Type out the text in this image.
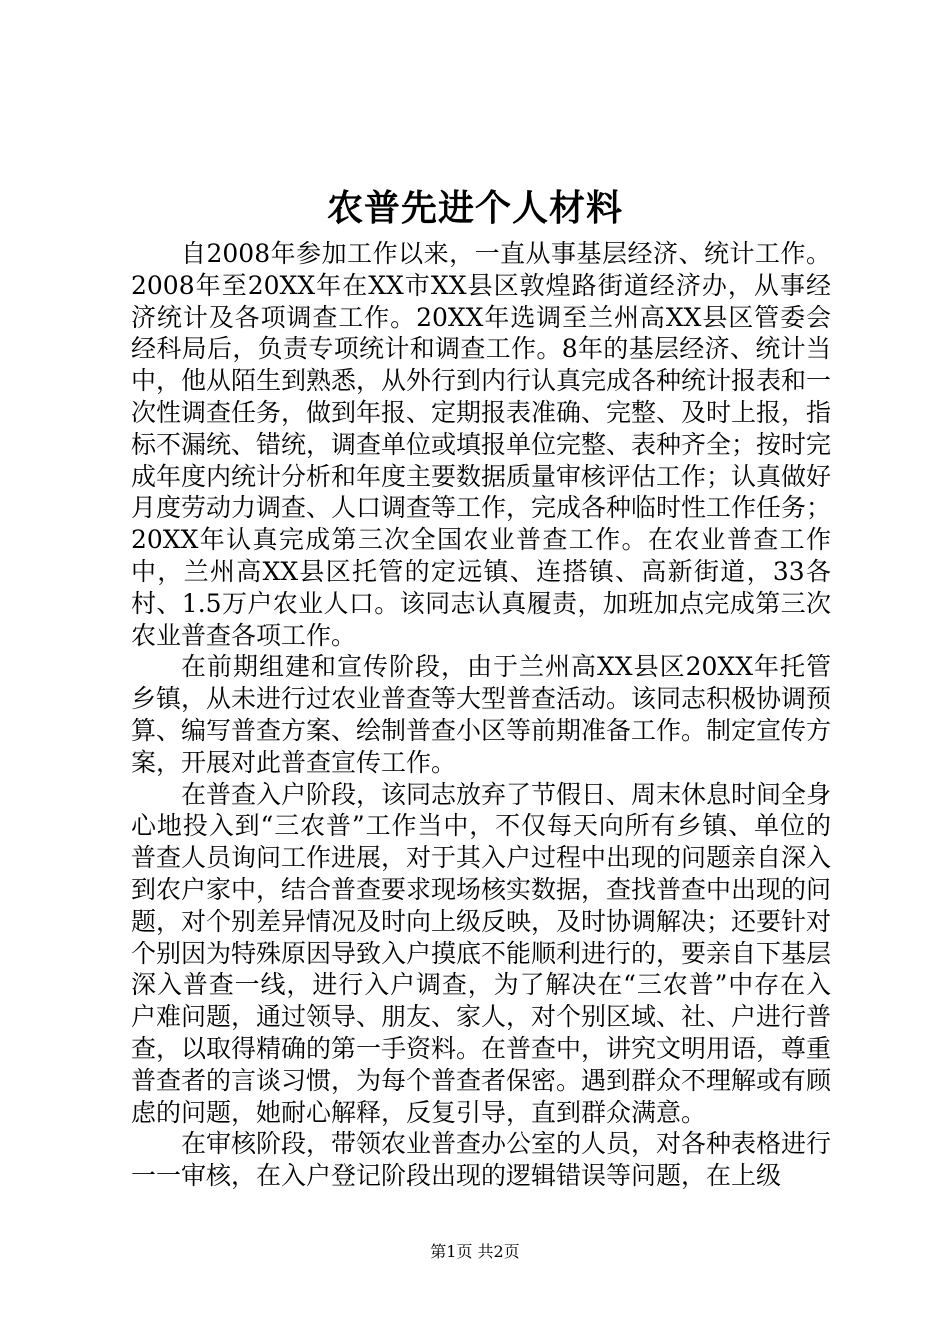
农普先进个人材料

自2008年参加工作以来，一直从事基层经济、统计工作。2008年至20XX年在XX市XX县区敦煌路街道经济办，从事经济统计及各项调查工作。20XX年选调至兰州高XX县区管委会经科局后，负责专项统计和调查工作。8年的基层经济、统计当中，他从陌生到熟悉，从外行到内行认真完成各种统计报表和一次性调查任务，做到年报、定期报表准确、完整、及时上报，指标不漏统、错统，调查单位或填报单位完整、表种齐全；按时完成年度内统计分析和年度主要数据质量审核评估工作；认真做好月度劳动力调查、人口调查等工作，完成各种临时性工作任务；20XX年认真完成第三次全国农业普查工作。在农业普查工作中，兰州高XX县区托管的定远镇、连搭镇、高新街道，33各村、1.5万户农业人口。该同志认真履责，加班加点完成第三次农业普查各项工作。

在前期组建和宣传阶段，由于兰州高XX县区20XX年托管乡镇，从未进行过农业普查等大型普查活动。该同志积极协调预算、编写普查方案、绘制普查小区等前期准备工作。制定宣传方案，开展对此普查宣传工作。

在普查入户阶段，该同志放弃了节假日、周末休息时间全身心地投入到“三农普”工作当中，不仅每天向所有乡镇、单位的普查人员询问工作进展，对于其入户过程中出现的问题亲自深入到农户家中，结合普查要求现场核实数据，查找普查中出现的问题，对个别差异情况及时向上级反映，及时协调解决；还要针对个别因为特殊原因导致入户摸底不能顺利进行的，要亲自下基层深入普查一线，进行入户调查，为了解决在“三农普”中存在入户难问题，通过领导、朋友、家人，对个别区域、社、户进行普查，以取得精确的第一手资料。在普查中，讲究文明用语，尊重普查者的言谈习惯，为每个普查者保密。遇到群众不理解或有顾虑的问题，她耐心解释，反复引导，直到群众满意。

在审核阶段，带领农业普查办公室的人员，对各种表格进行一一审核，在入户登记阶段出现的逻辑错误等问题，在上级

第1页 共2页
